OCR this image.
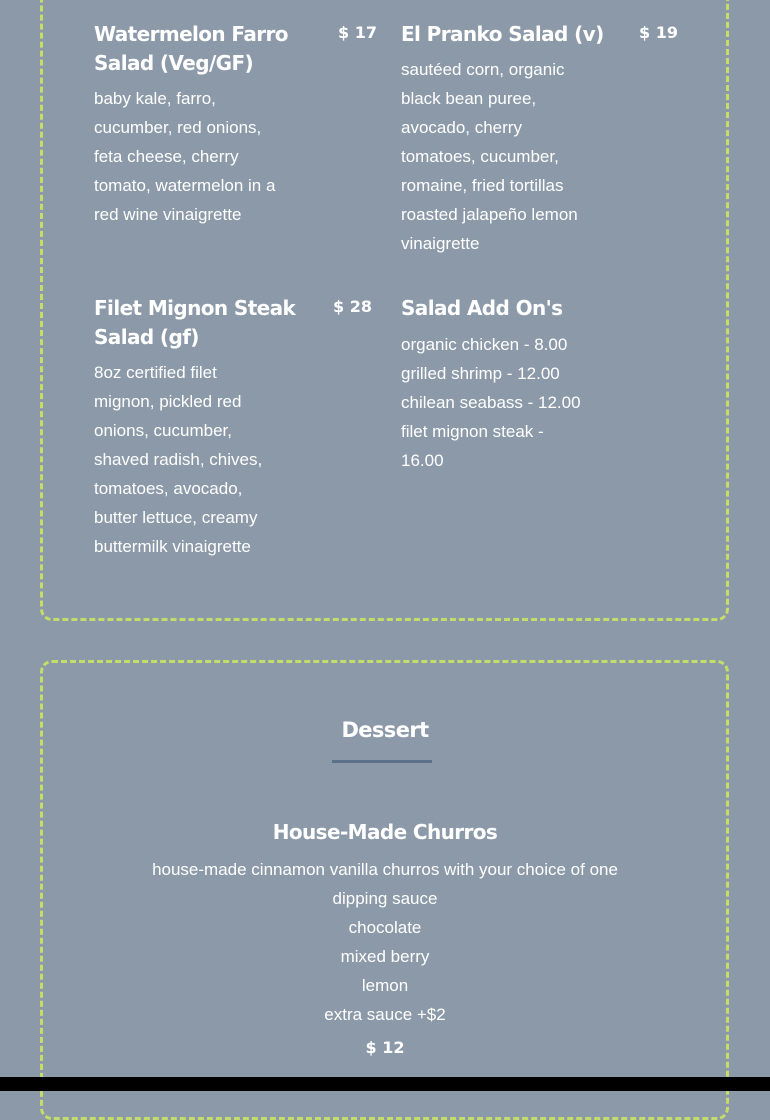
Watermelon Farro
Salad (Veg/GF)
$ 17
baby kale, farro,
cucumber, red onions,
feta cheese, cherry
tomato, watermelon in a
red wine vinaigrette
El Pranko Salad (v) $ 19
sautéed corn, organic
black bean puree,
avocado, cherry
tomatoes, cucumber,
romaine, fried tortillas
roasted jalapeño lemon
vinaigrette
Filet Mignon Steak
Salad (gf)
$ 28
8oz certified filet
mignon, pickled red
onions, cucumber,
shaved radish, chives,
tomatoes, avocado,
butter lettuce, creamy
buttermilk vinaigrette
Salad Add On's
organic chicken - 8.00
grilled shrimp - 12.00
chilean seabass - 12.00
filet mignon steak -
16.00
Dessert
House-Made Churros
house-made cinnamon vanilla churros with your choice of one
dipping sauce
chocolate
mixed berry
lemon
extra sauce +$2
$ 12
